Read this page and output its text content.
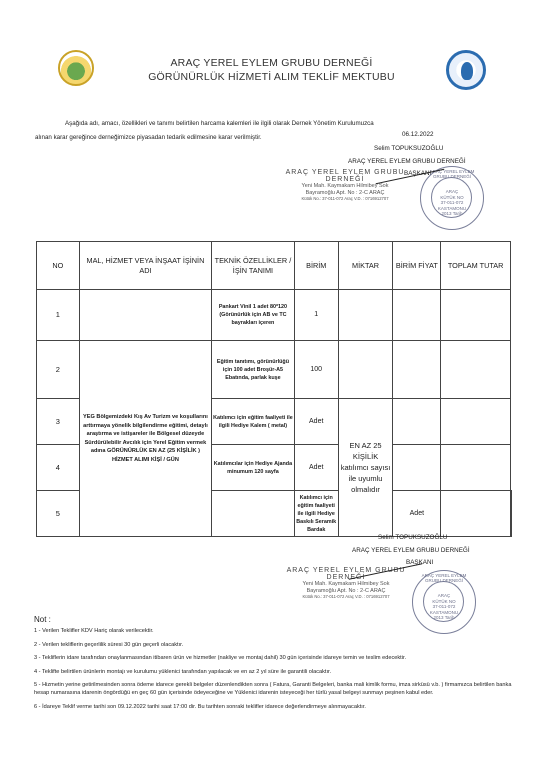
ARAÇ YEREL EYLEM GRUBU DERNEĞİ
GÖRÜNÜRLÜK HİZMETİ ALIM TEKLİF MEKTUBU
Aşağıda adı, amacı, özellikleri ve tanımı belirtilen harcama kalemleri ile ilgili olarak Dernek Yönetim Kurulumuzca
alınan karar gereğince derneğimizce piyasadan tedarik edilmesine karar verilmiştir.	06.12.2022
Selim TOPUKSUZOĞLU
ARAÇ YEREL EYLEM GRUBU DERNEĞİ
BAŞKANI
ARAÇ YEREL EYLEM GRUBU DERNEĞİ
Yeni Mah. Kaymakam Hilmibey Sok
Bayramoğlu Apt. No : 2-C ARAÇ
Kütük No.: 37-011-072 Araç V.D. : 0716912707
ARAÇ YEREL EYLEM GRUBU DERNEĞİ
ARAÇ
KÜTÜK NO
37-011-072
KASTAMONU
2013 Tarih
NO	MAL, HİZMET VEYA İNŞAAT İŞİNİN ADI	TEKNİK ÖZELLİKLER / İŞİN TANIMI	BİRİM	MİKTAR	BİRİM FİYAT	TOPLAM TUTAR	
1		Pankart Vinil 1 adet 80*120 (Görünürlük için AB ve TC bayrakları içeren	1				
2	YEG Bölgemizdeki Kış Av Turizm ve koşullarını arttırmaya yönelik bilgilendirme eğitimi, detaylı araştırma ve istişareler ile Bölgesel düzeyde Sürdürülebilir Avcılık için Yerel Eğitim vermek adına GÖRÜNÜRLÜK EN AZ (25 KİŞİLİK ) HİZMET ALIMI KİŞİ / GÜN	Eğitim tanıtımı, görünürlüğü için 100 adet Broşür-A5 Ebatında, parlak kuşe	100				
3		Katılımcı için eğitim faaliyeti ile ilgili Hediye Kalem ( metal)	Adet	EN AZ 25 KİŞİLİK katılımcı sayısı ile uyumlu olmalıdır			
4		Katılımcılar için Hediye Ajanda minumum 120 sayfa	Adet				
5			Katılımcı için eğitim faaliyeti ile ilgili Hediye Baskılı Seramik Bardak		Adet		
Selim TOPUKSUZOĞLU
ARAÇ YEREL EYLEM GRUBU DERNEĞİ
BAŞKANI
ARAÇ YEREL EYLEM GRUBU DERNEĞİ
Yeni Mah. Kaymakam Hilmibey Sok
Bayramoğlu Apt. No : 2-C ARAÇ
Kütük No.: 37-011-072 Araç V.D. : 0716912707
ARAÇ YEREL EYLEM GRUBU DERNEĞİ
ARAÇ
KÜTÜK NO
37-011-072
KASTAMONU
2013 Tarih
Not :

1 - Verilen Teklifler KDV Hariç olarak verilecektir.

2 - Verilen tekliflerin geçerlilik süresi 30 gün geçerli olacaktır.

3 - Tekliflerin idare tarafından onaylanmasından itibaren ürün ve hizmetler (nakliye ve montaj dahil) 30 gün içerisinde idareye temin ve teslim edecektir.

4 - Teklifte belirtilen ürünlerin montajı ve kurulumu yüklenici tarafından yapılacak ve en az 2 yıl süre ile garantili olacaktır.

5 - Hizmetin yerine getirilmesinden sonra ödeme idarece gerekli belgeler düzenlendikten sonra ( Fatura, Garanti Belgeleri, banka mali kimlik formu, imza sirküsü v.b. ) firmamızca belirtilen banka hesap numarasına idarenin öngördüğü en geç 60 gün içerisinde ödeyeceğine ve Yüklenici idarenin isteyeceği her türlü yasal belgeyi sunmayı peşinen kabul eder.

6 - İdareye Teklif verme tarihi son 09.12.2022 tarihi saat 17:00 dir. Bu tarihten sonraki teklifler idarece değerlendirmeye alınmayacaktır.
